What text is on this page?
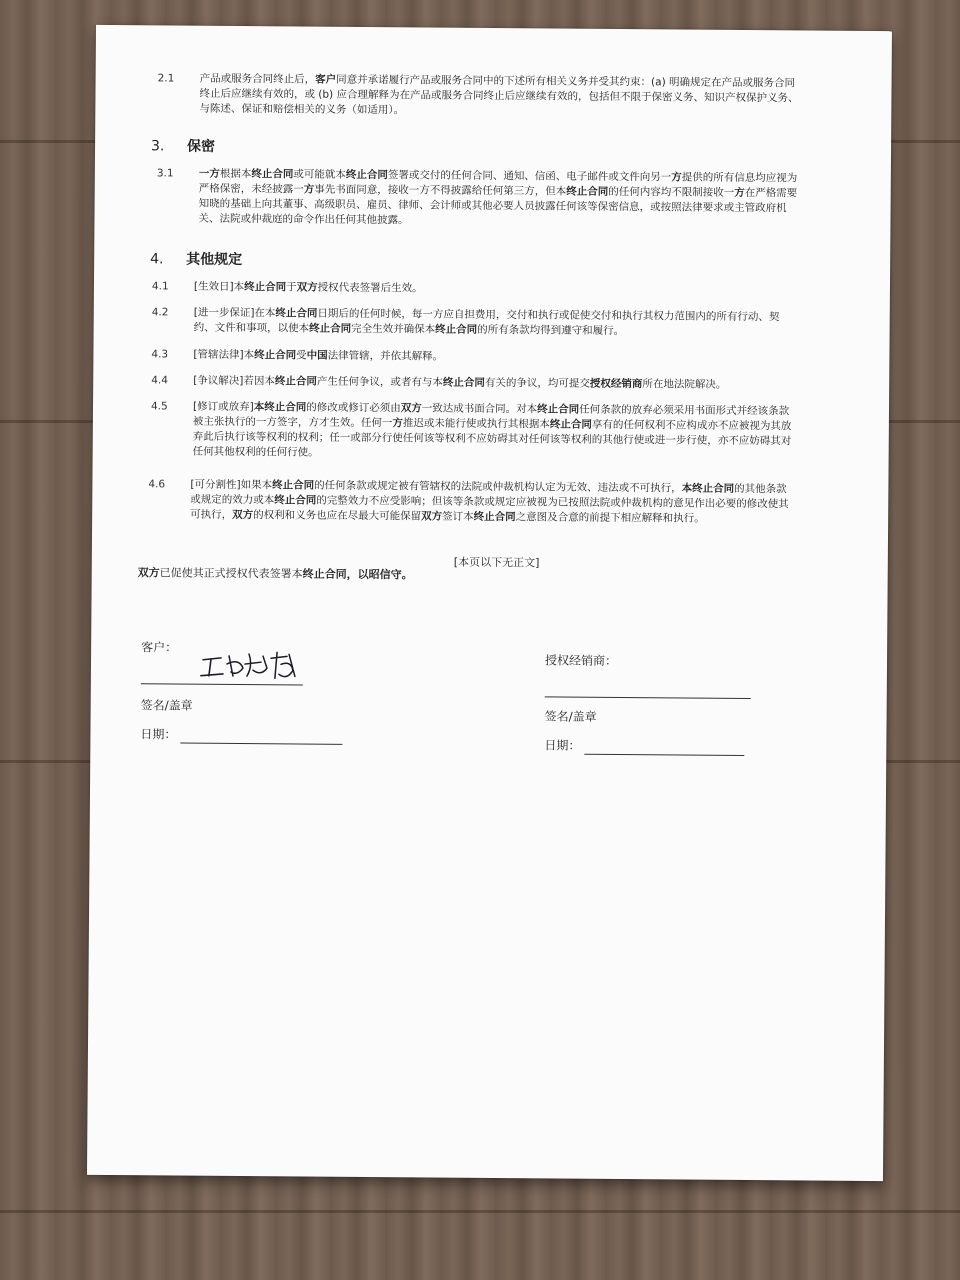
2.1	产品或服务合同终止后，客户同意并承诺履行产品或服务合同中的下述所有相关义务并受其约束：(a) 明确规定在产品或服务合同
终止后应继续有效的，或 (b) 应合理解释为在产品或服务合同终止后应继续有效的，包括但不限于保密义务、知识产权保护义务、
与陈述、保证和赔偿相关的义务（如适用）。
3. 保密
3.1	一方根据本终止合同或可能就本终止合同签署或交付的任何合同、通知、信函、电子邮件或文件向另一方提供的所有信息均应视为
严格保密，未经披露一方事先书面同意，接收一方不得披露给任何第三方，但本终止合同的任何内容均不限制接收一方在严格需要
知晓的基础上向其董事、高级职员、雇员、律师、会计师或其他必要人员披露任何该等保密信息，或按照法律要求或主管政府机
关、法院或仲裁庭的命令作出任何其他披露。
4. 其他规定
4.1	[生效日]本终止合同于双方授权代表签署后生效。
4.2	[进一步保证]在本终止合同日期后的任何时候，每一方应自担费用，交付和执行或促使交付和执行其权力范围内的所有行动、契
约、文件和事项，以使本终止合同完全生效并确保本终止合同的所有条款均得到遵守和履行。
4.3	[管辖法律]本终止合同受中国法律管辖，并依其解释。
4.4	[争议解决]若因本终止合同产生任何争议，或者有与本终止合同有关的争议，均可提交授权经销商所在地法院解决。
4.5	[修订或放弃]本终止合同的修改或修订必须由双方一致达成书面合同。对本终止合同任何条款的放弃必须采用书面形式并经该条款
被主张执行的一方签字，方才生效。任何一方推迟或未能行使或执行其根据本终止合同享有的任何权利不应构成亦不应被视为其放
弃此后执行该等权利的权利；任一或部分行使任何该等权利不应妨碍其对任何该等权利的其他行使或进一步行使，亦不应妨碍其对
任何其他权利的任何行使。
4.6	[可分割性]如果本终止合同的任何条款或规定被有管辖权的法院或仲裁机构认定为无效、违法或不可执行，本终止合同的其他条款
或规定的效力或本终止合同的完整效力不应受影响；但该等条款或规定应被视为已按照法院或仲裁机构的意见作出必要的修改使其
可执行，双方的权利和义务也应在尽最大可能保留双方签订本终止合同之意图及合意的前提下相应解释和执行。
[本页以下无正文]
双方已促使其正式授权代表签署本终止合同，以昭信守。
客户：
签名/盖章
日期：
授权经销商：
签名/盖章
日期：
